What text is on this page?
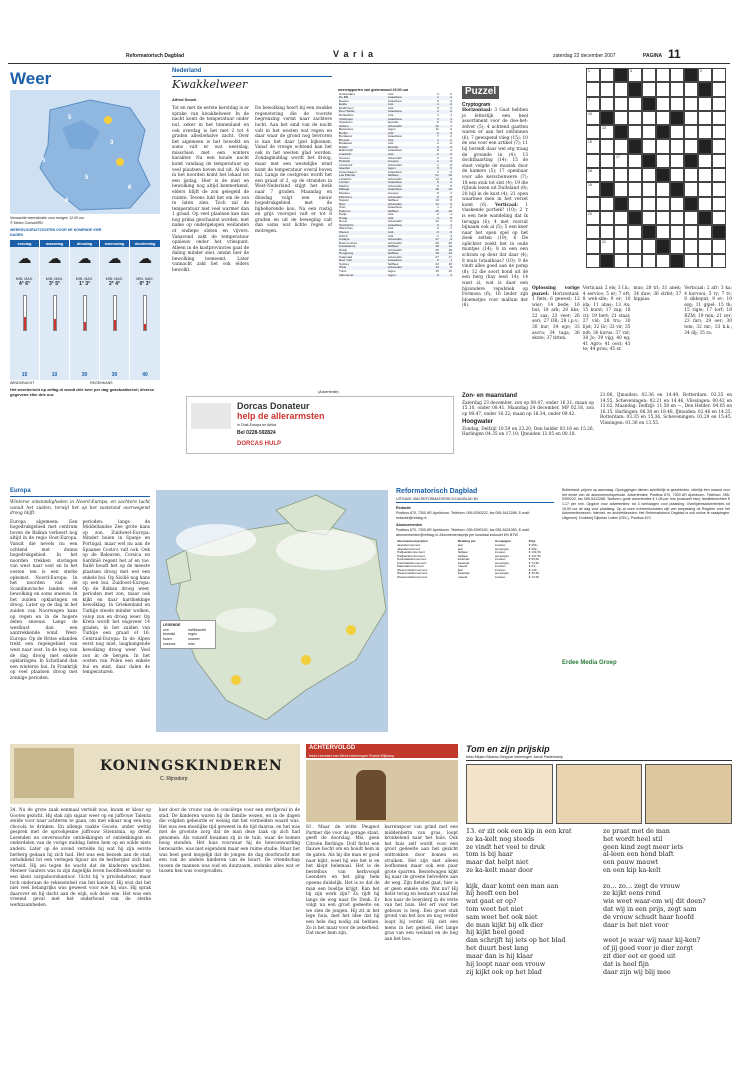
Reformatorisch Dagblad	V a r i a	zaterdag 22 december 2007	PAGINA 11
Weer
5
3
5
5
6
6
Verwachte weersituatie voor morgen 12.00 uur
© Meteo Consult/RD
WEERSVOORUITZICHTEN VOOR DE KOMENDE VIER DAGEN
zondag
☁
MIN. MAX.
4° 6°
15
maandag
☁
MIN. MAX.
3° 5°
10
dinsdag
☁
MIN. MAX.
1° 3°
30
woensdag
☁
MIN. MAX.
2° 4°
30
donderdag
☁
MIN. MAX.
0° 3°
40
WINDKRACHT	REGENKANS
Het weerbericht op zelfag.nl wordt drie keer per dag geactualiseerd; diverse gegevens elke drie uur.
Nederland
Kwakkelweer
Alfred Seuek
Tot en met de eerste kerstdag is er sprake van kwakkelweer. In de nacht komt de temperatuur onder nul, zeker in het binnenland en ook overdag is het met 2 tot 4 graden allesbehalve zacht. Over het algemeen is het bewolkt en soms valt er wat neerslag, misschien met een winters karakter. Na een koude nacht komt vandaag de temperatuur op veel plaatsen boven nul uit. Al kon in het noorden komt het lokaal tot een ijsdag. Hier is de mist en bewolking nog altijd kenmerkend, elders blijft de zon gelegeld de ruimte. Tevens lukt het om de zon te laten zien. Toch zal de temperatuur niet veel warmer dan 1 graad. Op veel plaatsen kan dan nog prima geschaatst worden, met name op ondergelopen weilanden of ondiepe sloten en vijvers. Vanavond zakt de temperatuur opnieuw onder het vriespunt. Alleen in de kustprovincies gaat de daling minder snel, omdat hier de bewolking toeneemt. Later vannacht zakt het ook elders bewolkt.
De bewolking hoort bij een zwakke regenstoring die de voorste begrenzing vormt naar zachtere lucht. Aan het eind van de nacht valt in het westen wat regen en daar waar de grond nog bevroren is kan het daar ijzel bijkomen. Vanaf de vroege ochtend kan het ook in het westen glad worden. Zondagmiddag wordt het droog, maar met een westelijke wind komt de temperatuur overal boven nul. Langs de oostgrens wordt het een graad of 2, op de stranden in West-Nederland stijgt het kwik naar 7 graden. Maandag en dinsdag volgt een nieuw hogedrukgebied met de bijbehorende kou. Na een rustig en grijs voorspel valt er tot 8 graden en uit de beweging valt dan soms wat lichte regen of motregen.
weerrapporten van gisteravond 19.00 uur
Amsterdam	mist	2	-1
De Bilt	zwaarbew.	1	-1
Deelen	zwaarbew.	0	-2
Eelde	mist	-1	-3
Eindhoven	mist	0	-2
Den Helder	zwaarbew.	2	0
Rotterdam	mist	1	-1
Vlissingen	zwaarbew.	3	1
Aberdeen	bewolkt	8	5
Athene	onbewolkt	12	7
Barcelona	regen	11	6
Berlijn	mist	-2	-4
Bordeaux	zwaarbew.	7	2
Brussel	mist	1	-1
Budapest	mist	-3	-6
Dublin	bewolkt	9	6
Edinburgh	zwaarbew.	8	4
Frankfurt	mist	-2	-5
Genève	onbewolkt	2	-4
Helsinki	sneeuw	-1	-3
Innsbruck	onbewolkt	-1	-8
Istanbul	regen	9	6
Kopenhagen	zwaarbew.	2	0
Las Palmas	halfbew.	21	16
Lissabon	onbewolkt	14	8
Londen	zwaarbew.	5	2
Madrid	onbewolkt	9	0
Málaga	zwaarbew.	16	10
Moskou	sneeuw	-5	-7
München	onbewolkt	-3	-9
Napels	halfbew.	13	8
Nice	onbewolkt	12	6
Oslo	zwaarbew.	1	-2
Palermo	halfbew.	15	10
Parijs	mist	2	-1
Praag	mist	-3	-6
Rome	onbewolkt	12	4
Stockholm	zwaarbew.	2	-1
Warschau	mist	-4	-7
Wenen	mist	-3	-6
Zürich	mist	-1	-3
Antalya	onbewolkt	17	9
Buenos Aires	onbewolkt	29	20
Casablanca	halfbew.	18	11
Dubai	onbewolkt	25	18
Hongkong	halfbew.	18	14
Kaapstad	onbewolkt	27	17
New York	zwaarbew.	6	1
Sydney	halfbew.	24	18
Tokio	onbewolkt	11	5
Tunis	regen	15	10
Vancouver	regen	6	4
Puzzel
Cryptogram
Horizontaal: 3 Gaat hebben je letterlijk een heel assortiment voor de doe-het-zelver (5); 4 achtend gaatten waren er aan het ontbinnen (6); 7 gewapend vlieg (15); 10 de ons voor een artikel (7); 11 bij bereidt daar wel erg traag de grounde in (4); 13 dochtbaarting (14); 15 de staet volgde de muziek door de kamers (5); 17 openbaar voor alle kerschenwere (7); 18 een stuk tot slot (4); 19 die rijtuuk lezen uit Duitsland (8); 20 bijl in de kust (4); 21 open waarmee men in het verzet komt (6). Verticaal: 1 vlaskende portiek? (10); 2 'r is een hele wandeling dat ik terugga (6); 4 met vooruit bijnaam ook al (5); 5 een keer naar het open spel op het doek zetten (19); 6 De oplichter zoekt het in oude muntjes (14); 8 in een een schram op deur dat daar (4); 8 muis totaalbaas? (10); 9 de vindt alles goed aan de pomp (8); 12 die soort hond uit dé een berg (hay leed 14); 14 wast zi, wat is daar een bijzondere republiek op Formosa (6); 16 lieder zijn bloemetjes voor mallum der (6).
1	3	2
7
10
13
15
17
18
19
20
21
Oplossing vorige puzzel: Horizontaal: 1 fiets; 6 gewest; 12 wier; 14 bede; 16 bul; 18 ark; 20 kks; 22 sax; 23 veer; 26 seri; 27 OR; 28 i.p.v.; 30 kur; 34 ego; 33 ascra; 34 taga; 36 skote; 37 titten.
Verticaal: 2 els; 3 I.k.; 4 service; 5 er; 7 eft; 8 web-site; 9 er; 10 ida; 11 abas; 13 Ax; 15 kurst; 17 zap; 18 cit; 19 bert; 21 staal; 27 vid; 28 tru; 30 lijst; 32 Gr; 33 vir; 35 ndt; 36 kurus; 37 rar; 38 Jo; 39 vijg; 40 eg; 41 Agro; 41 oost; 43 te; 44 prou; 45 sr.
mus; 28 tri; 31 anek; 34 duw; 36 strfet; 37 hippias.
Verticaal: 2 afr; 3 ka; 4 korvooi; 5 ry; 7 tv; 8 sikkeput; 9 ev; 10 ezg; 11 gipel; 15 tk; 15 rigle; 17 torf; 18 RZM; 19 min; 21 zer; 23 fari; 29 oer; 30 tem; 32 mr.; 33 k.k.; 34 dij; 35 ra.
(Advertentie)
Dorcas Donateur
help de allerarmsten
in Oost-Europa en Afrika
Bel 0228-592824
DORCAS HULP
Zon- en maanstand
Zaterdag 23 december, zon op 08.47, onder 16.31; maan op 15.10, onder 08.41. Maandag 24 december, MP 02.16, zon op 08.47, onder 16.32; maan op 16.34, onder 09.42.
Hoogwater
Zondag, Delfzijl 10.59 en 23.20, Den helder 03.16 en 15.26, Harlingen 04.35 en 17.10; IJmuiden 12.05 en 00.18.
21.06, IJmuiden: 02.36 en 14.40, Rotterdam: 03.35 en 14.55, Scheveningen: 02.21 en 14.46, Vlissingen: 00.42 en 13.02. Maandag: Delfzijl: 11.58 en —, Den Helder: 04.05 en 16.15, Harlingen: 06.38 en 18.48, IJmuiden: 02.46 en 14.25, Rotterdam: 03.35 en 15.36, Scheveningen: 03.29 en 15.45, Vlissingen: 01.36 en 13.55.
Europa
Winterse omstandigheden in Noord-Europa, en zachtere lucht vanuit het zuiden, terwijl het op het vasteland overwegend droog blijft.
Europa algemeen: Een hogedrukgebied met centrum boven de Balkan verkeert nog altijd in de regio Oost-Europa. Vanuit die nevels nu een ochtend met dunne hogedrukgebied. In het noorden trekken storingen van west naar oost en in het oosten ten is een sterke opkomst. Noord-Europa: In het noorden van de Scandinavische landen veel bewolking en soms sneeuw. In het zuiden opklaringen en droog. Later op de dag in het zuiden van Noorwegen kans op regen en in de hogere delen sneeuw. Langs de westkust dan een aantrekkende wind. West-Europa: Op de Britse eilanden trekt een regengebied van west naar oost. In de loop van de dag droog met enkele opklaringen. In Schotland dan een winterse bui. In Frankrijk op veel plaatsen droog met zonnige perioden.
perioden; langs de Middellandse Zee grote kans op zon. Zuidwest-Europa: Minder buien in Spanje en Portugal, maar wel nu aan de Spaanse Costa's valt ook. Ook op de Balearen, Corsica en Sardinië regent het af en toe. Italië houdt het op de meeste plaatsen droog met wel een enkele bui. Op Sicilië nog kans op een bui. Zuidoost-Europa: Op de Balkan droog weer, perioden met zon, maar ook kijkt en daar hardnekkige bewolking. In Griekenland en Turkije steeds minder wolken, volop zon en droog weer. Op Kreta wordt het ongeveer 14 graden, in het zuiden van Turkije een graad of 16. Centraal-Europa: In de Alpen eerst nog mist, laaghangende bewolking droog weer. Veel zon in de bergen. In het oosten van Polen een enkele bui en mist, daar dalen de temperaturen.
LEGENDE
zon	halfbewolkt
bewolkt	regen
buien	onweer
sneeuw	mist
Reformatorisch Dagblad
UITGAVE VAN REFORMATORISCH DAGBLAD BV
Redactie
Postbus 670, 7300 AR Apeldoorn. Telefoon: 055-5390222, fax 055-5412288. E-mail: redactie@refdag.nl
Abonnementen
Postbus 670, 7300 AR Apeldoorn. Telefoon: 055-5390150, fax 055-5421080. E-mail: abonnementen@refdag.nl. Abonnementsprijs per kwartaal inclusief 6% BTW.
Abonnementsprijzen	Betaling per	Acceptgiro	Prijs
Jaarabonnement	jaar	incasso	€ 259,-
Jaarabonnement	jaar	acceptgiro	€ 262,-
Halfjaarabonnement	halfjaar	incasso	€ 134,50
Halfjaarabonnement	halfjaar	acceptgiro	€ 137,50
Kwartaalabonnement	kwartaal	incasso	€ 69,50
Kwartaalabonnement	kwartaal	acceptgiro	€ 72,50
Maandabonnement	maand	incasso	€ 24,-
Weekendabonnement	jaar	incasso	€ 132,-
Weekendabonnement	kwartaal	acceptgiro	€ 36,50
Weekendabonnement	maand	incasso	€ 12,50
Buitenland: prijzen op aanvraag. Opzeggingen dienen schriftelijk te geschieden, uiterlijk één maand voor het einde van de abonnementsperiode. Advertenties: Postbus 670, 7300 AR Apeldoorn. Telefoon: 055-5390222, fax 055-5412288. Tarieven: grote advertenties € 1,08 per mm (exclusief btw); familieberichten € 1,17 per mm. Opgave voor advertenties: tot 3 werkdagen voor plaatsing. Overlijdensadvertenties tot 16.00 uur de dag voor plaatsing. Op al onze overeenkomsten zijn van toepassing de Regelen voor het Advertentiewezen. Internet- en archiefdiensten: Het Reformatorisch Dagblad is ook online te raadplegen. Uitgeverij: Drukkerij Dijkman Lutten (DDL), Postbus 670.
Erdee Media Groep
KONINGSKINDEREN
C. Rijnsdorp
34. Nu de grote zaak eenmaal verteld was, kwam er kleur op Gootes gezicht. Hij stak zijn sigaar weer op en juffrouw Talenta stelde voor naar achteren te gaan, om met elkaar nog een kop chocola te drinken. En allengs raakte Gooste, onder wettig gesprek met de sprookjesme juffrouw Stientsma, op dreef. Lerenden en onverwachte ontdekkingen of ontdekkingen en onderdelen van de vorige middag lieten hem op en wilde niets anders. Later op de avond vertelde hij wat hij zijn eerste herberg gedaan hij zich had. Het was een bezoek aan de stad, ontwikkeld tot een verlegen figuur als de herbergier zich had verteld. Hij zei tegen de wacht dat de kinderen wachten. Meneer Gauters was in zijn dagelijks leven hoofdboekhouder op een klein cargadoorskantoor. Uicht bij 's priviledaltoor, maar toch onderaan de rekenstelsel van het kantoor. Hij wist dat het niet veel belangrijks was geweest voor wie hij was. Hij sprak daarover en hij dacht aan de wijk, ook deze ene. Het was een vreemd geval met het onderhoud van de sterke werkzaamheden.
kier door de vrouw van de conciërge voor een sterfgeval in de stad. De kinderen waren bij de familie wezen, en in de dagen die volgden gebeurde er weinig dat het vermelden waard was. Het was een moeilijke tijd geweest in de tijd daarna, en het was met de grootste zorg dat de man deze taak op zich had genomen. Als vanzelf kwamen zij in de tuin, waar de bomen hoog stonden. Het huis voorwaar hij de bewoonwarding bezwaarde, was niet eigendom maar een ruime studie. Maar het was heel goed mogelijk dat de jongen de dag doorbracht met een van de andere kinderen van de buurt. De vriendschap tussen de mannen was oud en duurzaam, ondanks alles wat er tussen hen was voorgevallen.
ACHTERVOLGD
tekst Leendert van Wezel tekeningen Roelof Wijkamp
81. Maar de witte Peugeot Partner die voor de garage staat, geeft de doorslag. Mis, geen Citroën Berlingo. Dolf fietst een flauwe bocht om en houdt hem in de gaten. Als hij die man er goed naar kijkt, weet hij wie het is en het klopt helemaal. Het is de bestelbus van kerkvoogd Leenders en het ging hem opeens duidelijk. Het is zo dat de man een boeltje krijgt. Kan het bij zijn werk zijn? Zo rijdt hij langs de weg naar De Donk. Er volgt nu een groot gedeelte en we zien de jongen. Hij zit in het lege huis, met het idee dat hij een hele dag nodig zal hebben. Zo is het maar voor de zekerheid. Dat moet hem zijn.
karrenspoor van grind met een middenberm van gras, loopt kronkelend naar het huis. Ook het huis zelf wordt voor een groot gedeelte aan het gezicht onttrokken door bomen en struiken. Het zijn niet alleen loofbomen maar ook een paar grote sparren. Bestelwagen kijkt hij naar de groene belvedère aan de weg. Zijn fietsbel gaat; hier is er geen enkele site. Wat nu? Hij fietst terug en bestuurt vanaf het bos naar de boerderij in de verte van het huis. Het erf voor het gebouw is leeg. Een groot stuk grond van het bos en nog verder loopt hij verder. Hij ziet een mens in het gebied. Het lange gras van een weiland en de heg aan het bos.
Tom en zijn prijskip
tekst Mirjam Blaauw-Schipper tekeningen Jacob Pasterkamp
13. er zit ook een kip in een krat
ze ka-kelt nog steeds
ze vindt het veel te druk
tom is bij haar
maar dat helpt niet
ze ka-kelt maar door

kijk, daar komt een man aan
hij heeft een bel
wat gaat er op?
tom weet het niet
sam weet het ook niet
de man kijkt bij elk dier
hij kijkt heel goed
dan schrijft hij iets op het blad
het duurt best lang
maar dan is hij klaar
hij loopt naar een vrouw
zij kijkt ook op het blad
ze praat met de man
het wordt heel stil
geen kind zegt meer iets
al-leen een hond blaft
een pauw mauwt
en een kip ka-kelt

zo… zo… zegt de vrouw
ze kijkt eens rond
wie weet waar-om wij dit doen?
dat wij in een prijs, zegt sam
de vrouw schudt haar hoofd
daar is het niet voor

weet je waar wij naar kij-ken?
of jij goed voor je dier zorgt
zit dier eet er goed uit
dat is heel fijn
daar zijn wij blij mee
